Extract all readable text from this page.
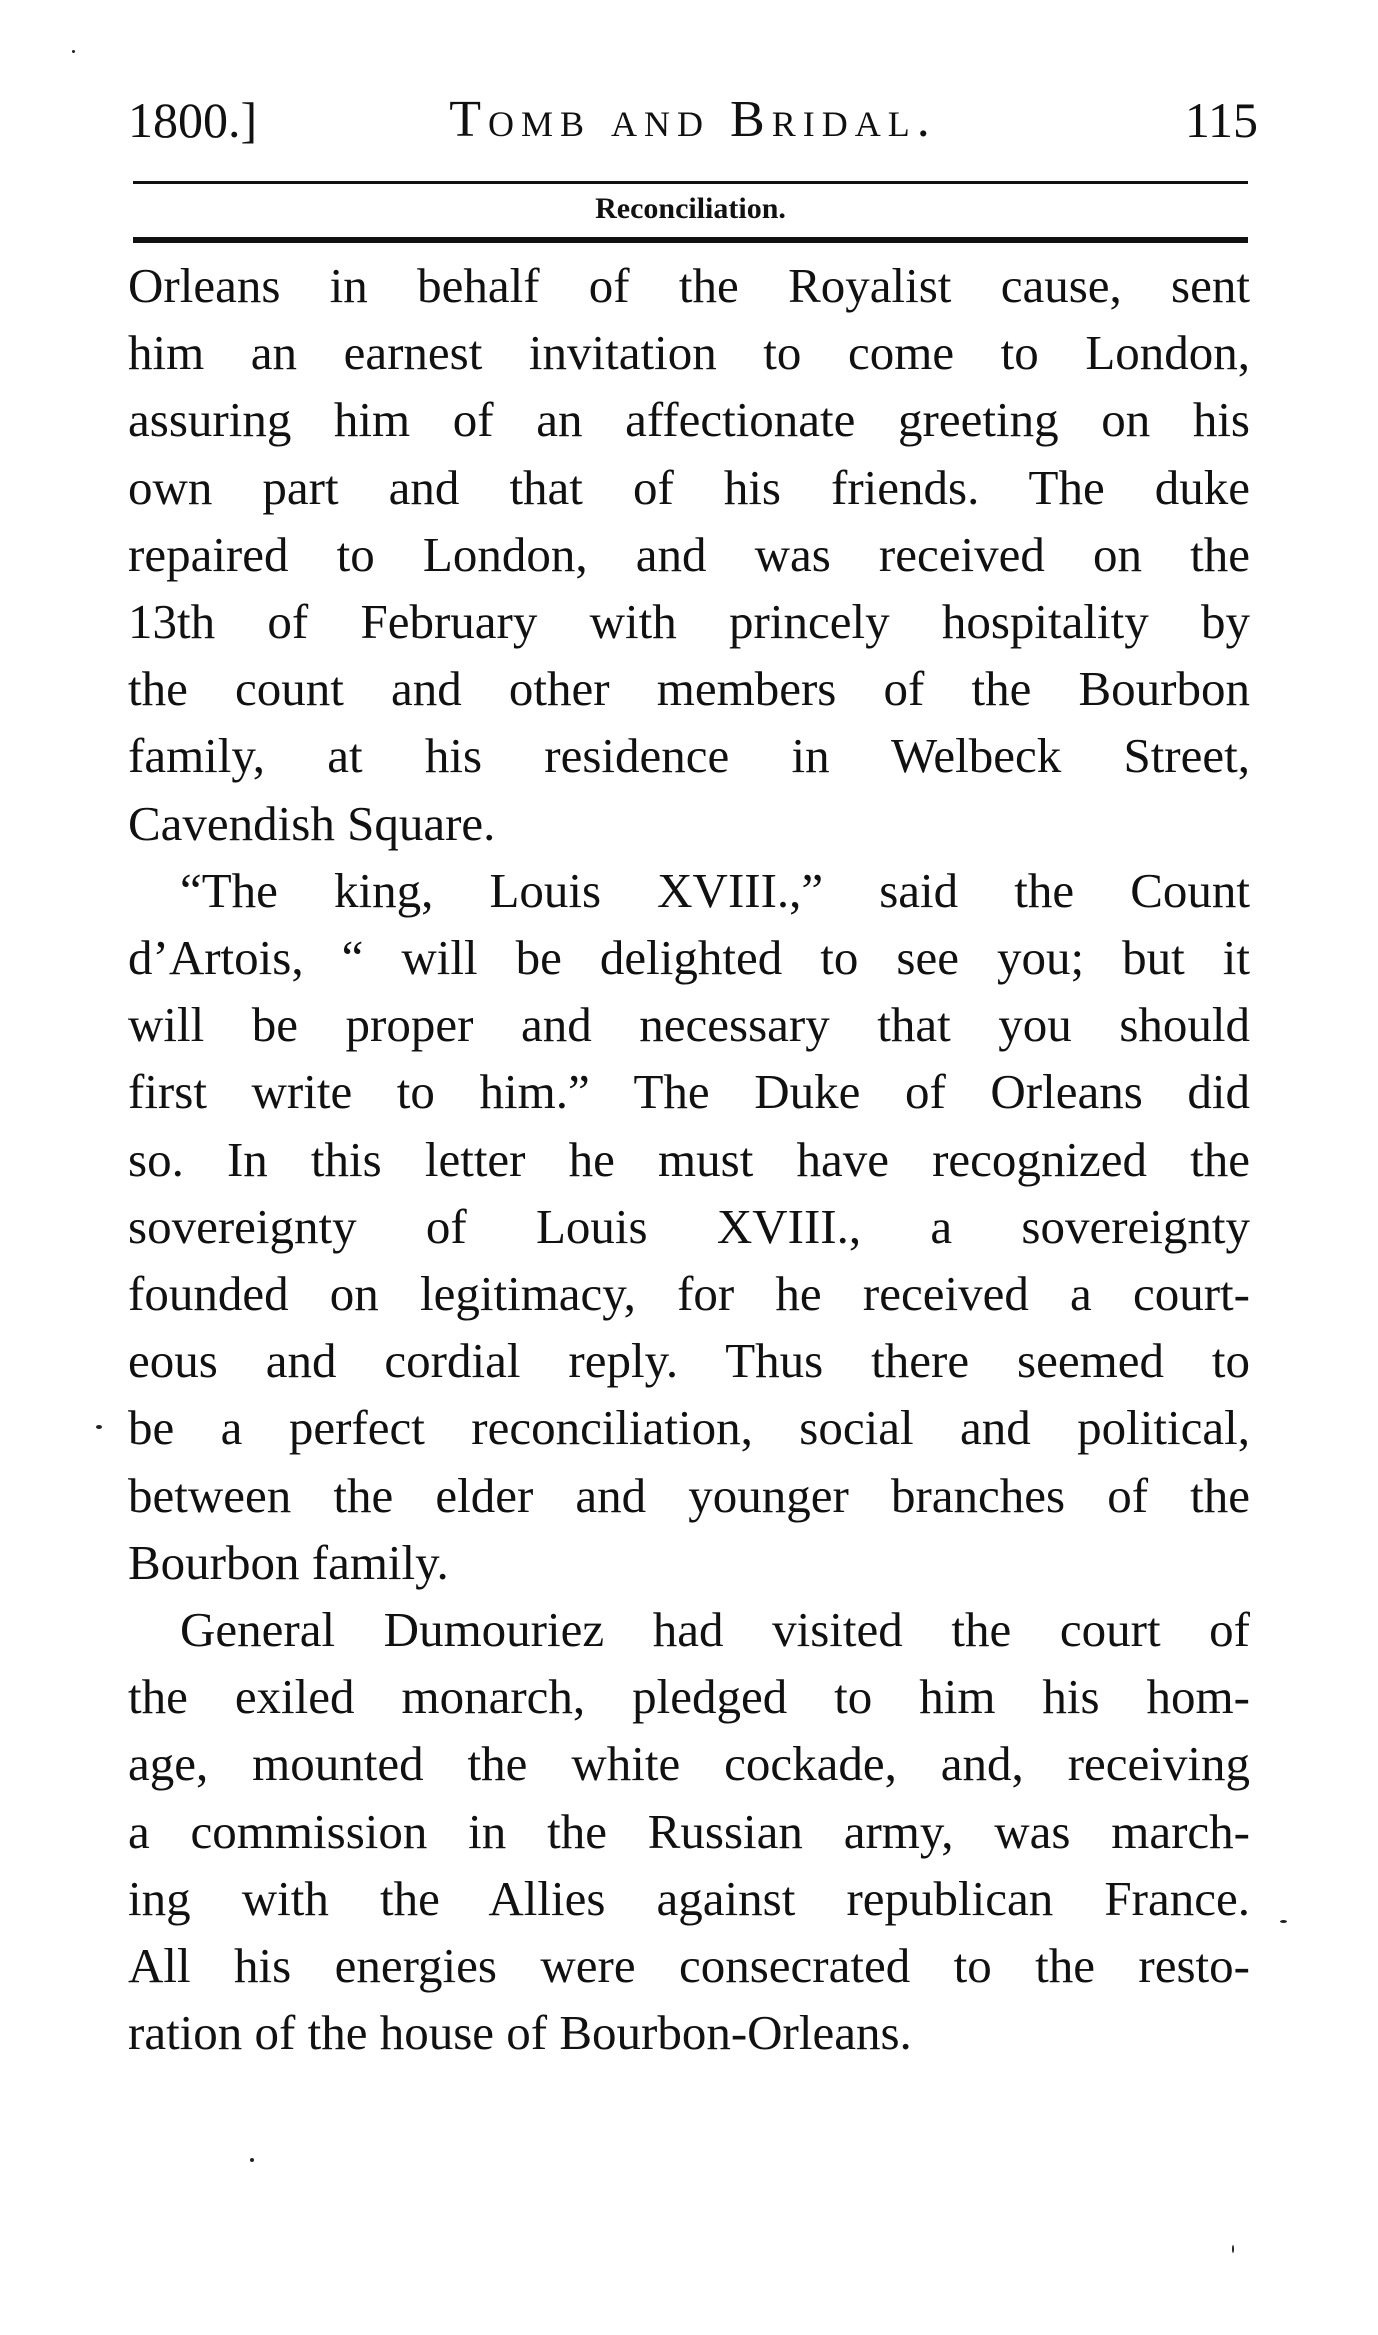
1800.]	Tomb and Bridal.	115
Reconciliation.

Orleans in behalf of the Royalist cause, sent
him an earnest invitation to come to London,
assuring him of an affectionate greeting on his
own part and that of his friends. The duke
repaired to London, and was received on the
13th of February with princely hospitality by
the count and other members of the Bourbon
family, at his residence in Welbeck Street,
Cavendish Square.

“The king, Louis XVIII.,” said the Count
d’Artois, “ will be delighted to see you; but it
will be proper and necessary that you should
first write to him.” The Duke of Orleans did
so. In this letter he must have recognized the
sovereignty of Louis XVIII., a sovereignty
founded on legitimacy, for he received a court-
eous and cordial reply. Thus there seemed to
be a perfect reconciliation, social and political,
between the elder and younger branches of the
Bourbon family.

General Dumouriez had visited the court of
the exiled monarch, pledged to him his hom-
age, mounted the white cockade, and, receiving
a commission in the Russian army, was march-
ing with the Allies against republican France.
All his energies were consecrated to the resto-
ration of the house of Bourbon-Orleans.
